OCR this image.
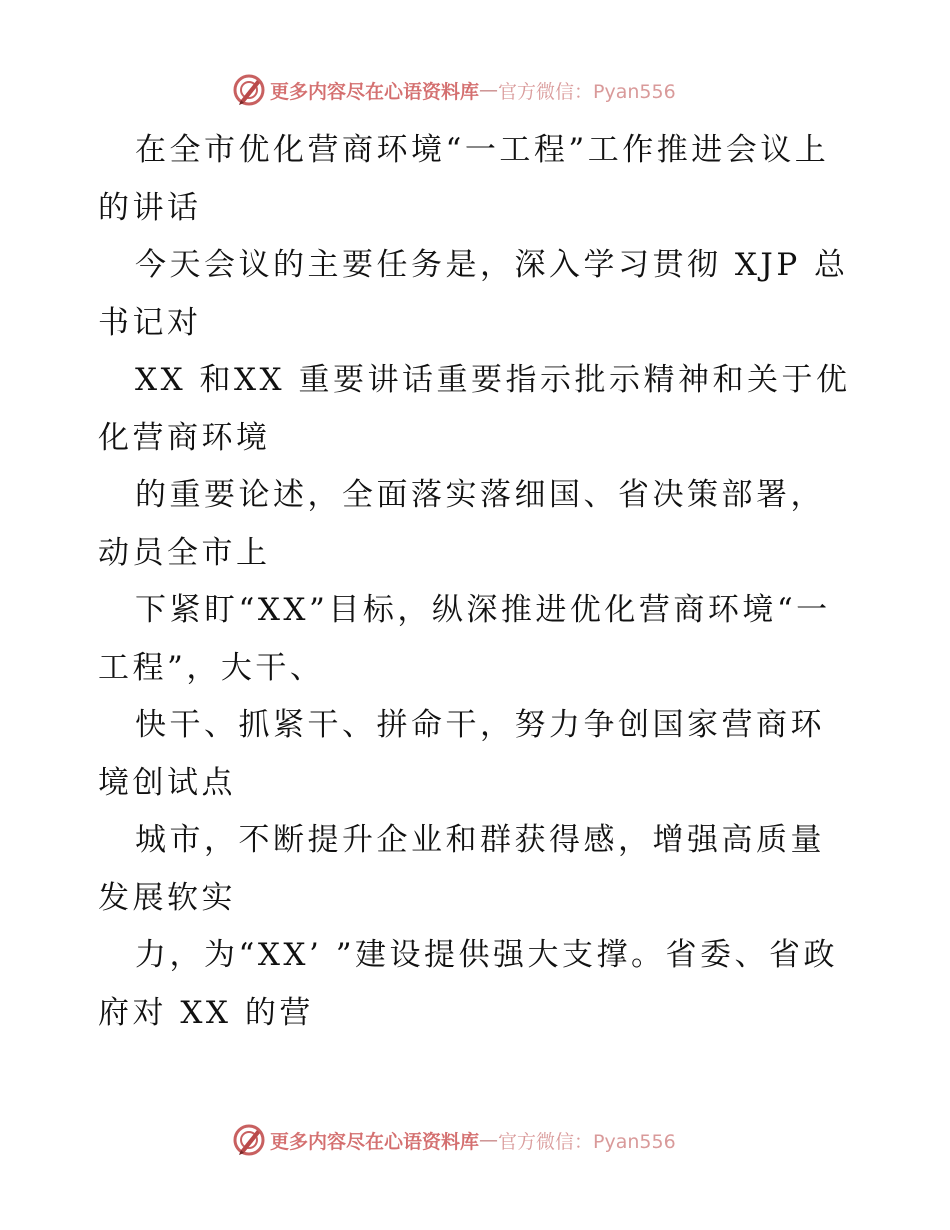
更多内容尽在心语资料库 — 官方微信：Pyan556

在全市优化营商环境“一工程”工作推进会议上的讲话

今天会议的主要任务是，深入学习贯彻 XJP 总书记对

XX 和XX 重要讲话重要指示批示精神和关于优化营商环境

的重要论述，全面落实落细国、省决策部署，动员全市上

下紧盯“XX”目标，纵深推进优化营商环境“一工程”，大干、

快干、抓紧干、拼命干，努力争创国家营商环境创试点

城市，不断提升企业和群获得感，增强高质量发展软实

力，为“XX’ ”建设提供强大支撑。省委、省政府对 XX 的营

更多内容尽在心语资料库 — 官方微信：Pyan556
